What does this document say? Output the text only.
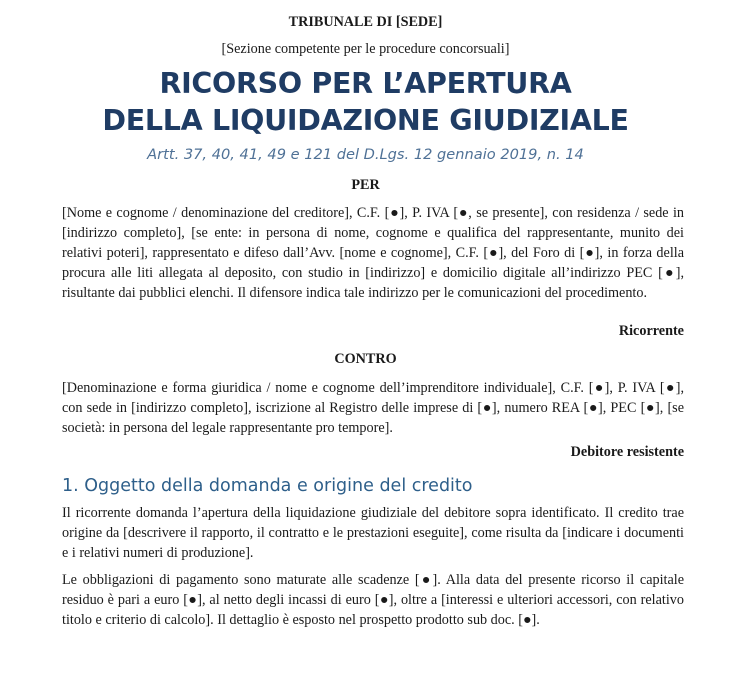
TRIBUNALE DI [SEDE]
[Sezione competente per le procedure concorsuali]
RICORSO PER L’APERTURA
DELLA LIQUIDAZIONE GIUDIZIALE
Artt. 37, 40, 41, 49 e 121 del D.Lgs. 12 gennaio 2019, n. 14
PER
[Nome e cognome / denominazione del creditore], C.F. [●], P. IVA [●, se presente], con residenza / sede in [indirizzo completo], [se ente: in persona di nome, cognome e qualifica del rappresentante, munito dei relativi poteri], rappresentato e difeso dall’Avv. [nome e cognome], C.F. [●], del Foro di [●], in forza della procura alle liti allegata al deposito, con studio in [indirizzo] e domicilio digitale all’indirizzo PEC [●], risultante dai pubblici elenchi. Il difensore indica tale indirizzo per le comunicazioni del procedimento.
Ricorrente
CONTRO
[Denominazione e forma giuridica / nome e cognome dell’imprenditore individuale], C.F. [●], P. IVA [●], con sede in [indirizzo completo], iscrizione al Registro delle imprese di [●], numero REA [●], PEC [●], [se società: in persona del legale rappresentante pro tempore].
Debitore resistente
1. Oggetto della domanda e origine del credito
Il ricorrente domanda l’apertura della liquidazione giudiziale del debitore sopra identificato. Il credito trae origine da [descrivere il rapporto, il contratto e le prestazioni eseguite], come risulta da [indicare i documenti e i relativi numeri di produzione].
Le obbligazioni di pagamento sono maturate alle scadenze [●]. Alla data del presente ricorso il capitale residuo è pari a euro [●], al netto degli incassi di euro [●], oltre a [interessi e ulteriori accessori, con relativo titolo e criterio di calcolo]. Il dettaglio è esposto nel prospetto prodotto sub doc. [●].
